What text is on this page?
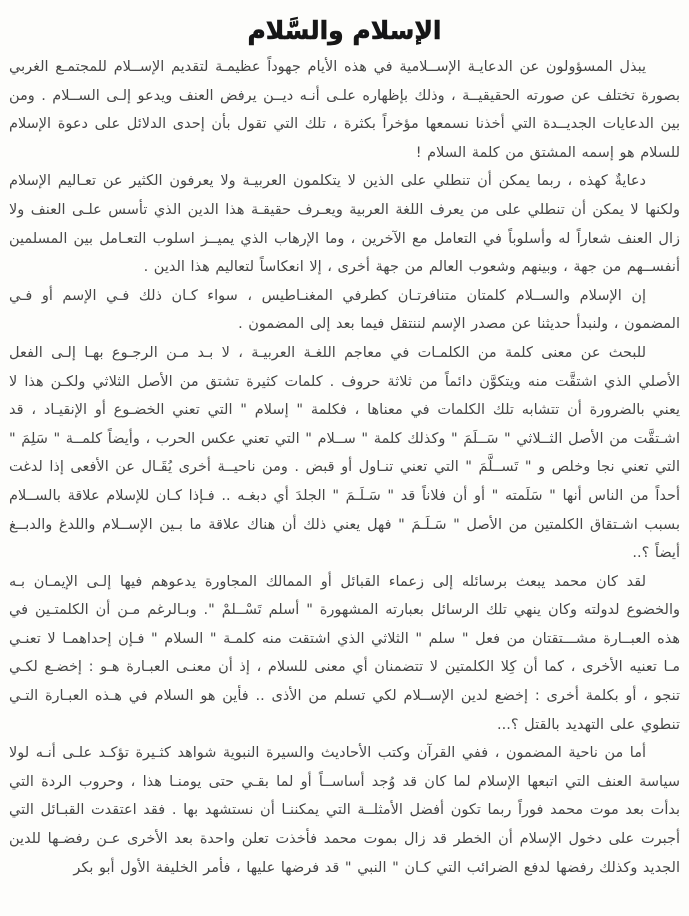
الإسلام والسَّلام

يبذل المسؤولون عن الدعايـة الإســلامية في هذه الأيام جهوداً عظيمـة لتقديم الإســلام للمجتمـع الغربي بصورة تختلف عن صورته الحقيقيــة ، وذلك بإظهاره علـى أنـه ديــن يرفض العنف ويدعو إلـى الســلام . ومن بين الدعايات الجديــدة التي أخذنا نسمعها مؤخراً بكثرة ، تلك التي تقول بأن إحدى الدلائل على دعوة الإسلام للسلام هو إسمه المشتق من كلمة السلام !

دعايةٌ كهذه ، ربما يمكن أن تنطلي على الذين لا يتكلمون العربيـة ولا يعرفون الكثير عن تعـاليم الإسلام ولكنها لا يمكن أن تنطلي على من يعرف اللغة العربية ويعـرف حقيقـة هذا الدين الذي تأسس علـى العنف ولا زال العنف شعاراً له وأسلوباً في التعامل مع الآخرين ، وما الإرهاب الذي يميــز اسلوب التعـامل بين المسلمين أنفســهم من جهة ، وبينهم وشعوب العالم من جهة أخرى ، إلا انعكاساً لتعاليم هذا الدين .

إن الإسلام والســلام كلمتان متنافرتـان كطرفي المغنـاطيس ، سواء كـان ذلك فـي الإسم أو فـي المضمون ، ولنبدأ حديثنا عن مصدر الإسم لننتقل فيما بعد إلى المضمون .

للبحث عن معنى كلمة من الكلمـات في معاجم اللغـة العربيـة ، لا بـد مـن الرجـوع بهـا إلـى الفعل الأصلي الذي اشتقَّت منه ويتكوَّن دائماً من ثلاثة حروف . كلمات كثيرة تشتق من الأصل الثلاثي ولكـن هذا لا يعني بالضرورة أن تتشابه تلك الكلمات في معناها ، فكلمة " إسلام " التي تعني الخضـوع أو الإنقيـاد ، قد اشـتقَّت من الأصل الثــلاثي " سَــلَمَ " وكذلك كلمة " ســلام " التي تعني عكس الحرب ، وأيضاً كلمــة " سَلِمَ " التي تعني نجا وخلص و " تَســلَّمَ " التي تعني تنـاول أو قبض . ومن ناحيــة أخرى يُقَـال عن الأفعى إذا لدغت أحداً من الناس أنها " سَلَمته " أو أن فلاناً قد " سَـلَـمَ " الجلدَ أي دبغـه .. فـإذا كـان للإسلام علاقة بالســلام بسبب اشـتقاق الكلمتين من الأصل " سَـلَـمَ " فهل يعني ذلك أن هناك علاقة ما بـين الإســلام واللدغ والدبــغ أيضاً ؟..

لقد كان محمد يبعث برسائله إلى زعماء القبائل أو الممالك المجاورة يدعوهم فيها إلـى الإيمـان بـه والخضوع لدولته وكان ينهي تلك الرسائل بعبارته المشهورة " أسلم تَسْــلمْ ". وبـالرغم مـن أن الكلمتـين في هذه العبــارة مشـــتقتان من فعل " سلم " الثلاثي الذي اشتقت منه كلمـة " السلام " فـإن إحداهمـا لا تعنـي مـا تعنيه الأخرى ، كما أن كِلا الكلمتين لا تتضمنان أي معنى للسلام ، إذ أن معنـى العبـارة هـو : إخضـع لكـي تنجو ، أو بكلمة أخرى : إخضع لدين الإســلام لكي تسلم من الأذى .. فأين هو السلام في هـذه العبـارة التـي تنطوي على التهديد بالقتل ؟...

أما من ناحية المضمون ، ففي القرآن وكتب الأحاديث والسيرة النبوية شواهد كثـيرة تؤكـد علـى أنـه لولا سياسة العنف التي اتبعها الإسلام لما كان قد وُجد أساســاً أو لما بقـي حتى يومنـا هذا ، وحروب الردة التي بدأت بعد موت محمد فوراً ربما تكون أفضل الأمثلــة التي يمكننـا أن نستشهد بها . فقد اعتقدت القبـائل التي أجبرت على دخول الإسلام أن الخطر قد زال بموت محمد فأخذت تعلن واحدة بعد الأخرى عـن رفضـها للدين الجديد وكذلك رفضها لدفع الضرائب التي كـان " النبي " قد فرضها عليها ، فأمر الخليفة الأول أبو بكر
